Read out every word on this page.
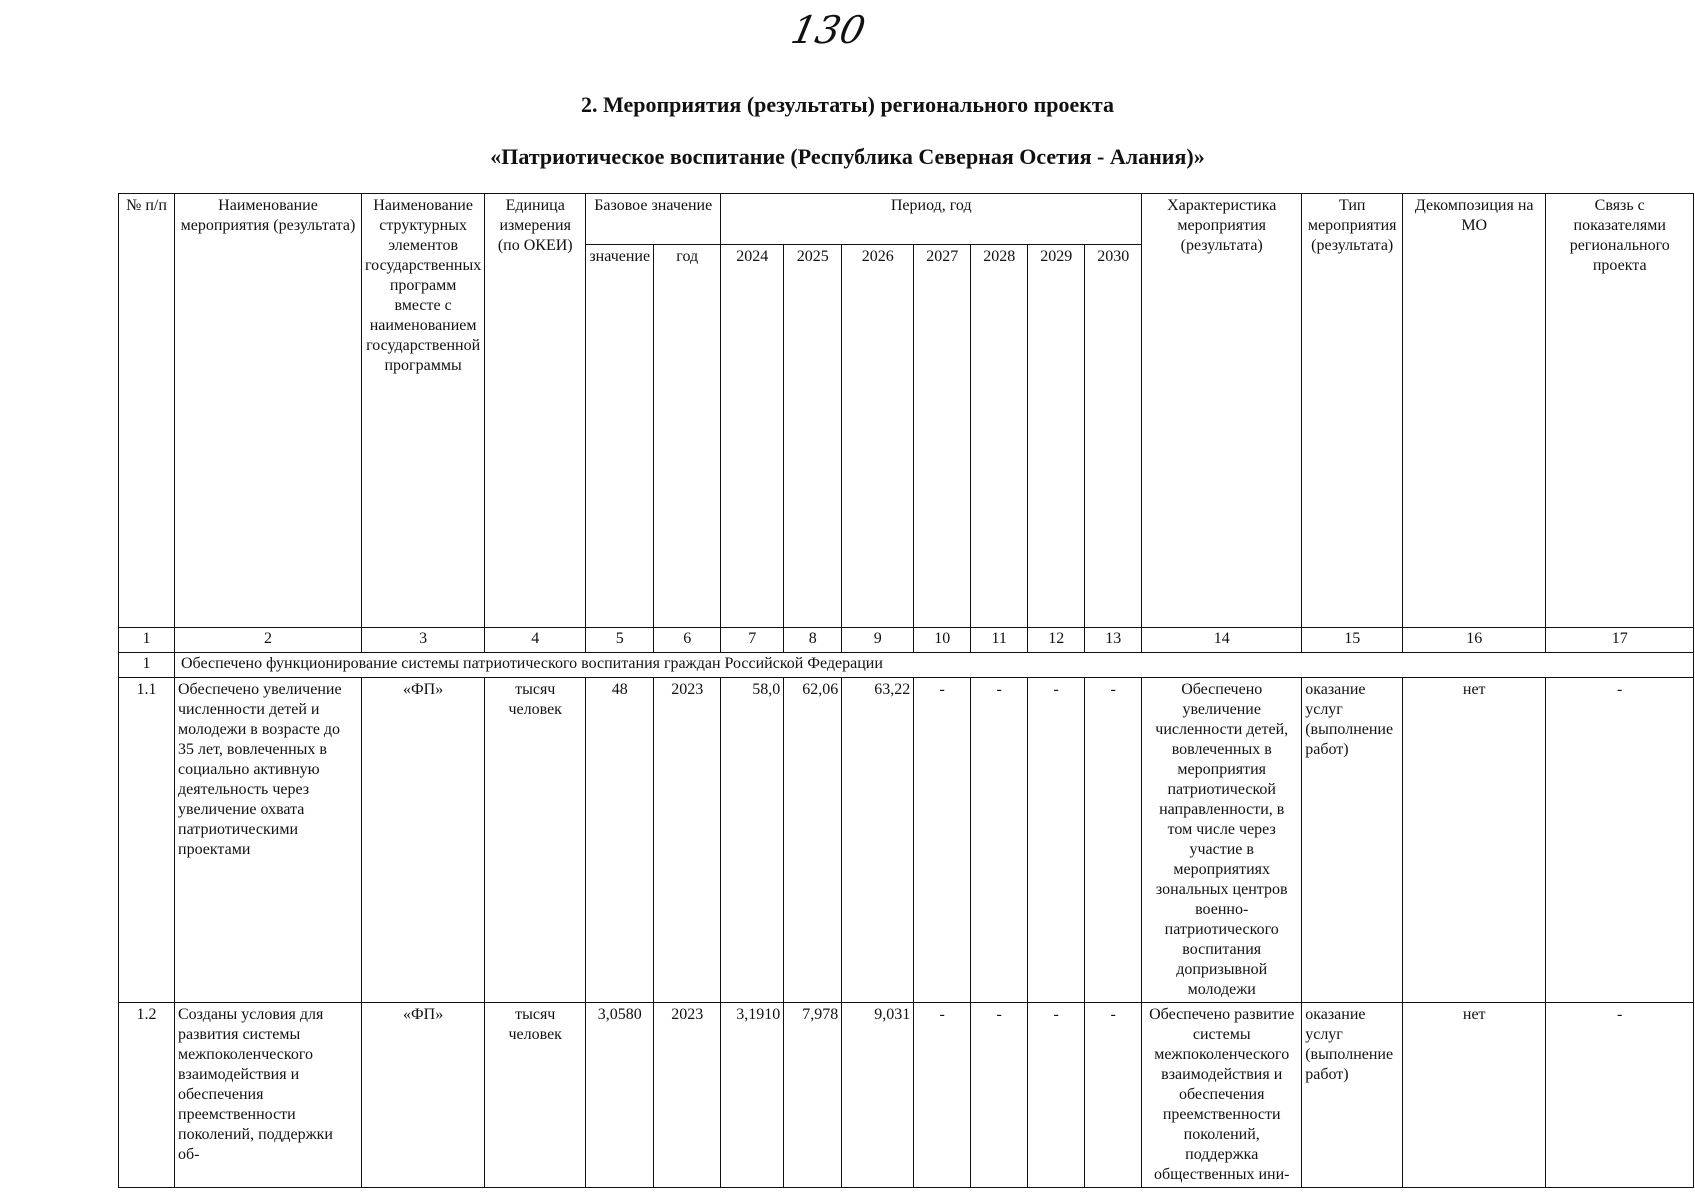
130
2. Мероприятия (результаты) регионального проекта
«Патриотическое воспитание (Республика Северная Осетия - Алания)»
№ п/п	Наименование мероприятия (результата)	Наименование структурных элементов государственных программ вместе с наименованием государственной программы	Единица измерения (по ОКЕИ)	Базовое значение		Период, год							Характеристика мероприятия (результата)	Тип мероприятия (результата)	Декомпозиция на МО	Связь с показателями регионального проекта
				значение	год	2024	2025	2026	2027	2028	2029	2030				
1	2	3	4	5	6	7	8	9	10	11	12	13	14	15	16	17
1	Обеспечено функционирование системы патриотического воспитания граждан Российской Федерации															
1.1	Обеспечено увеличение численности детей и молодежи в возрасте до 35 лет, вовлеченных в социально активную деятельность через увеличение охвата патриотическими проектами	«ФП»	тысяч человек	48	2023	58,0	62,06	63,22	-	-	-	-	Обеспечено увеличение численности детей, вовлеченных в мероприятия патриотической направленности, в том числе через участие в мероприятиях зональных центров военно-патриотического воспитания допризывной молодежи	оказание услуг (выполнение работ)	нет	-
1.2	Созданы условия для развития системы межпоколенческого взаимодействия и обеспечения преемственности поколений, поддержки об-	«ФП»	тысяч человек	3,0580	2023	3,1910	7,978	9,031	-	-	-	-	Обеспечено развитие системы межпоколенческого взаимодействия и обеспечения преемственности поколений, поддержка общественных ини-	оказание услуг (выполнение работ)	нет	-
